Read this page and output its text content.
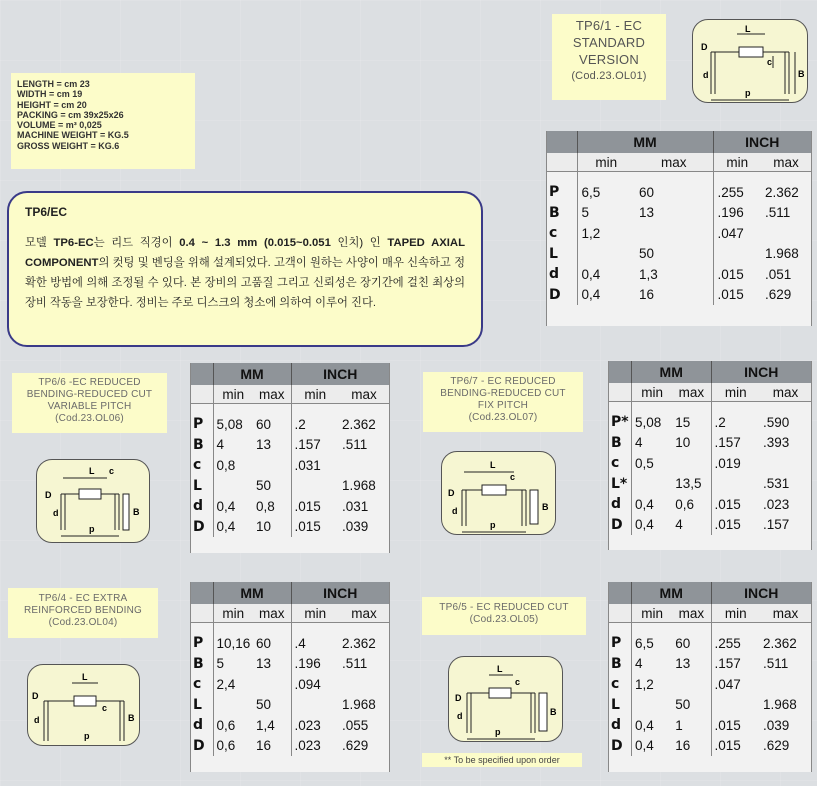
LENGTH = cm 23
WIDTH = cm 19
HEIGHT = cm 20
PACKING = cm 39x25x26
VOLUME = m³ 0,025
MACHINE WEIGHT = KG.5
GROSS WEIGHT = KG.6
TP6/EC
모델 TP6-EC는 리드 직경이 0.4 ~ 1.3 mm (0.015~0.051 인치) 인 TAPED AXIAL COMPONENT의 컷팅 및 벤딩을 위해 설계되었다. 고객이 원하는 사양이 매우 신속하고 정확한 방법에 의해 조정될 수 있다. 본 장비의 고품질 그리고 신뢰성은 장기간에 걸친 최상의 장비 작동을 보장한다. 정비는 주로 디스크의 청소에 의하여 이루어 진다.
TP6/1 - EC
STANDARD
VERSION
(Cod.23.OL01)
TP6/6 -EC REDUCED
BENDING-REDUCED CUT
VARIABLE PITCH
(Cod.23.OL06)
TP6/7 - EC REDUCED
BENDING-REDUCED CUT
FIX PITCH
(Cod.23.OL07)
TP6/4 - EC EXTRA
REINFORCED BENDING
(Cod.23.OL04)
TP6/5 - EC REDUCED CUT
(Cod.23.OL05)
** To be specified upon order
L
c
B
D
d
p
L c
B
D
d
p
L
c
B
D
d
p
L
c
B
D
d
p
L
c
B
D
d
p
	MM		INCH	
	min	max	min	max

P	6,5	60	.255	2.362
B	5	13	.196	.511
c	1,2		.047	
L		50		1.968
d	0,4	1,3	.015	.051
D	0,4	16	.015	.629
	MM		INCH	
	min	max	min	max

P	5,08	60	.2	2.362
B	4	13	.157	.511
c	0,8		.031	
L		50		1.968
d	0,4	0,8	.015	.031
D	0,4	10	.015	.039
	MM		INCH	
	min	max	min	max

P*	5,08	15	.2	.590
B	4	10	.157	.393
c	0,5		.019	
L*		13,5		.531
d	0,4	0,6	.015	.023
D	0,4	4	.015	.157
	MM		INCH	
	min	max	min	max

P	10,16	60	.4	2.362
B	5	13	.196	.511
c	2,4		.094	
L		50		1.968
d	0,6	1,4	.023	.055
D	0,6	16	.023	.629
	MM		INCH	
	min	max	min	max

P	6,5	60	.255	2.362
B	4	13	.157	.511
c	1,2		.047	
L		50		1.968
d	0,4	1	.015	.039
D	0,4	16	.015	.629
